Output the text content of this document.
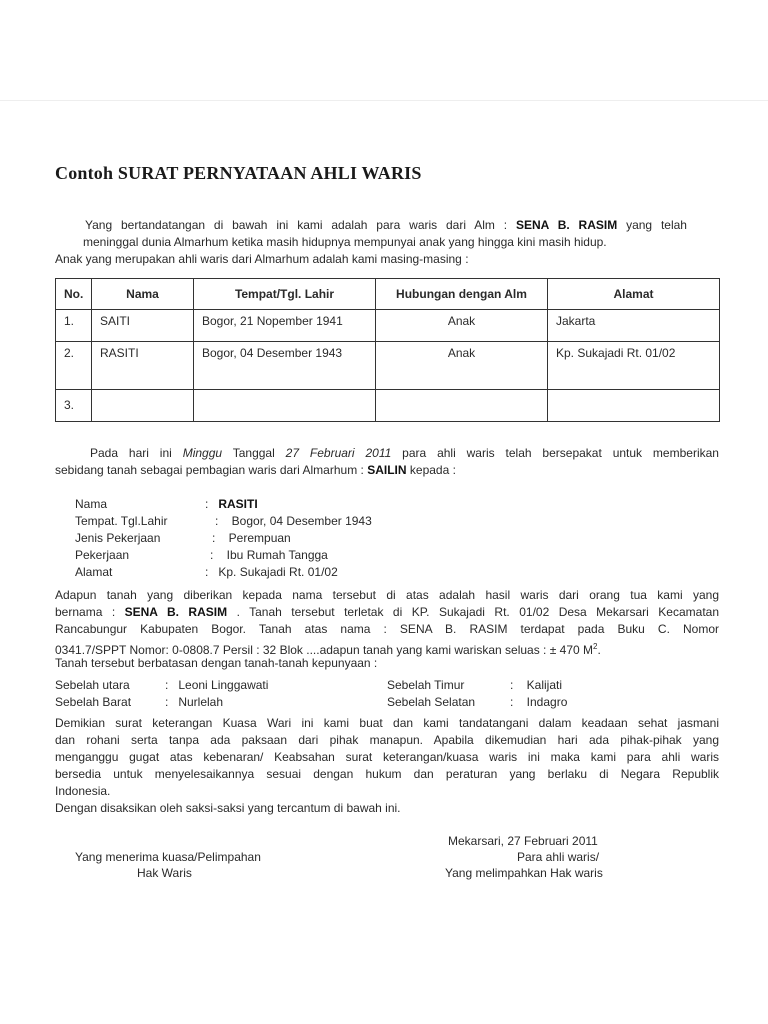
Contoh SURAT PERNYATAAN AHLI WARIS
Yang bertandatangan di bawah ini kami adalah para waris dari Alm : SENA B. RASIM yang telah
meninggal dunia Almarhum ketika masih hidupnya mempunyai anak yang hingga kini masih hidup.
Anak yang merupakan ahli waris dari Almarhum adalah kami masing-masing :
No.	Nama	Tempat/Tgl. Lahir	Hubungan dengan Alm	Alamat
1.	SAITI	Bogor, 21 Nopember 1941	Anak	Jakarta
2.	RASITI	Bogor, 04 Desember 1943	Anak	Kp. Sukajadi Rt. 01/02
3.				
Pada hari ini Minggu Tanggal 27 Februari 2011 para ahli waris telah bersepakat untuk memberikan
sebidang tanah sebagai pembagian waris dari Almarhum : SAILIN kepada :
Nama	:   RASITI
Tempat. Tgl.Lahir	:    Bogor, 04 Desember 1943
Jenis Pekerjaan	:    Perempuan
Pekerjaan	:    Ibu Rumah Tangga
Alamat	:   Kp. Sukajadi Rt. 01/02
Adapun tanah yang diberikan kepada nama tersebut di atas adalah hasil waris dari orang tua kami yang
bernama : SENA B. RASIM . Tanah tersebut terletak di KP. Sukajadi Rt. 01/02 Desa Mekarsari Kecamatan
Rancabungur Kabupaten Bogor. Tanah atas nama : SENA B. RASIM terdapat pada Buku C. Nomor
0341.7/SPPT Nomor: 0-0808.7 Persil : 32 Blok ....adapun tanah yang kami wariskan seluas : ± 470 $M^2$.
Tanah tersebut berbatasan dengan tanah-tanah kepunyaan :
Sebelah utara	:   Leoni Linggawati	Sebelah Timur	:    Kalijati
Sebelah Barat	:   Nurlelah	Sebelah Selatan	:    Indagro
Demikian surat keterangan Kuasa Wari ini kami buat dan kami tandatangani dalam keadaan sehat jasmani
dan rohani serta tanpa ada paksaan dari pihak manapun. Apabila dikemudian hari ada pihak-pihak yang
menganggu gugat atas kebenaran/ Keabsahan surat keterangan/kuasa waris ini maka kami para ahli waris
bersedia untuk menyelesaikannya sesuai dengan hukum dan peraturan yang berlaku di Negara Republik
Indonesia.
Dengan disaksikan oleh saksi-saksi yang tercantum di bawah ini.
Mekarsari, 27 Februari 2011
Yang menerima kuasa/Pelimpahan
Hak Waris
Para ahli waris/
Yang melimpahkan Hak waris
